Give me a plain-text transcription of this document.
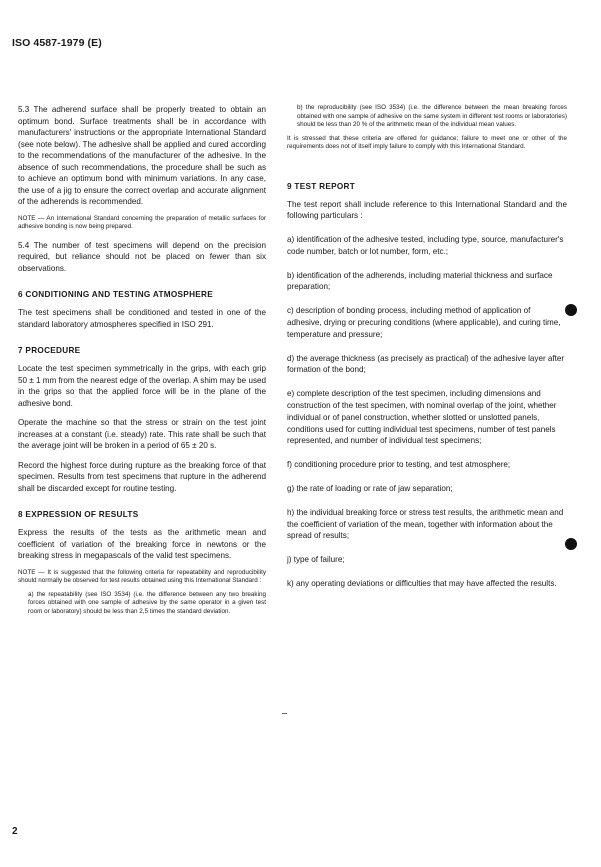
ISO 4587-1979 (E)

5.3 The adherend surface shall be properly treated to obtain an optimum bond. Surface treatments shall be in accordance with manufacturers' instructions or the appropriate International Standard (see note below). The adhesive shall be applied and cured according to the recommendations of the manufacturer of the adhesive. In the absence of such recommendations, the procedure shall be such as to achieve an optimum bond with minimum variations. In any case, the use of a jig to ensure the correct overlap and accurate alignment of the adherends is recommended.

NOTE — An International Standard concerning the preparation of metallic surfaces for adhesive bonding is now being prepared.

5.4 The number of test specimens will depend on the precision required, but reliance should not be placed on fewer than six observations.

6 CONDITIONING AND TESTING ATMOSPHERE

The test specimens shall be conditioned and tested in one of the standard laboratory atmospheres specified in ISO 291.

7 PROCEDURE

Locate the test specimen symmetrically in the grips, with each grip 50 ± 1 mm from the nearest edge of the overlap. A shim may be used in the grips so that the applied force will be in the plane of the adhesive bond.

Operate the machine so that the stress or strain on the test joint increases at a constant (i.e. steady) rate. This rate shall be such that the average joint will be broken in a period of 65 ± 20 s.

Record the highest force during rupture as the breaking force of that specimen. Results from test specimens that rupture in the adherend shall be discarded except for routine testing.

8 EXPRESSION OF RESULTS

Express the results of the tests as the arithmetic mean and coefficient of variation of the breaking force in newtons or the breaking stress in megapascals of the valid test specimens.

NOTE — It is suggested that the following criteria for repeatability and reproducibility should normally be observed for test results obtained using this International Standard :

a) the repeatability (see ISO 3534) (i.e. the difference between any two breaking forces obtained with one sample of adhesive by the same operator in a given test room or laboratory) should be less than 2,5 times the standard deviation.

b) the reproducibility (see ISO 3534) (i.e. the difference between the mean breaking forces obtained with one sample of adhesive on the same system in different test rooms or laboratories) should be less than 20 % of the arithmetic mean of the individual mean values.

It is stressed that these criteria are offered for guidance; failure to meet one or other of the requirements does not of itself imply failure to comply with this International Standard.

9 TEST REPORT

The test report shall include reference to this International Standard and the following particulars :

a) identification of the adhesive tested, including type, source, manufacturer's code number, batch or lot number, form, etc.;

b) identification of the adherends, including material thickness and surface preparation;

c) description of bonding process, including method of application of adhesive, drying or precuring conditions (where applicable), and curing time, temperature and pressure;

d) the average thickness (as precisely as practical) of the adhesive layer after formation of the bond;

e) complete description of the test specimen, including dimensions and construction of the test specimen, with nominal overlap of the joint, whether individual or of panel construction, whether slotted or unslotted panels, conditions used for cutting individual test specimens, number of test panels represented, and number of individual test specimens;

f) conditioning procedure prior to testing, and test atmosphere;

g) the rate of loading or rate of jaw separation;

h) the individual breaking force or stress test results, the arithmetic mean and the coefficient of variation of the mean, together with information about the spread of results;

j) type of failure;

k) any operating deviations or difficulties that may have affected the results.

2
